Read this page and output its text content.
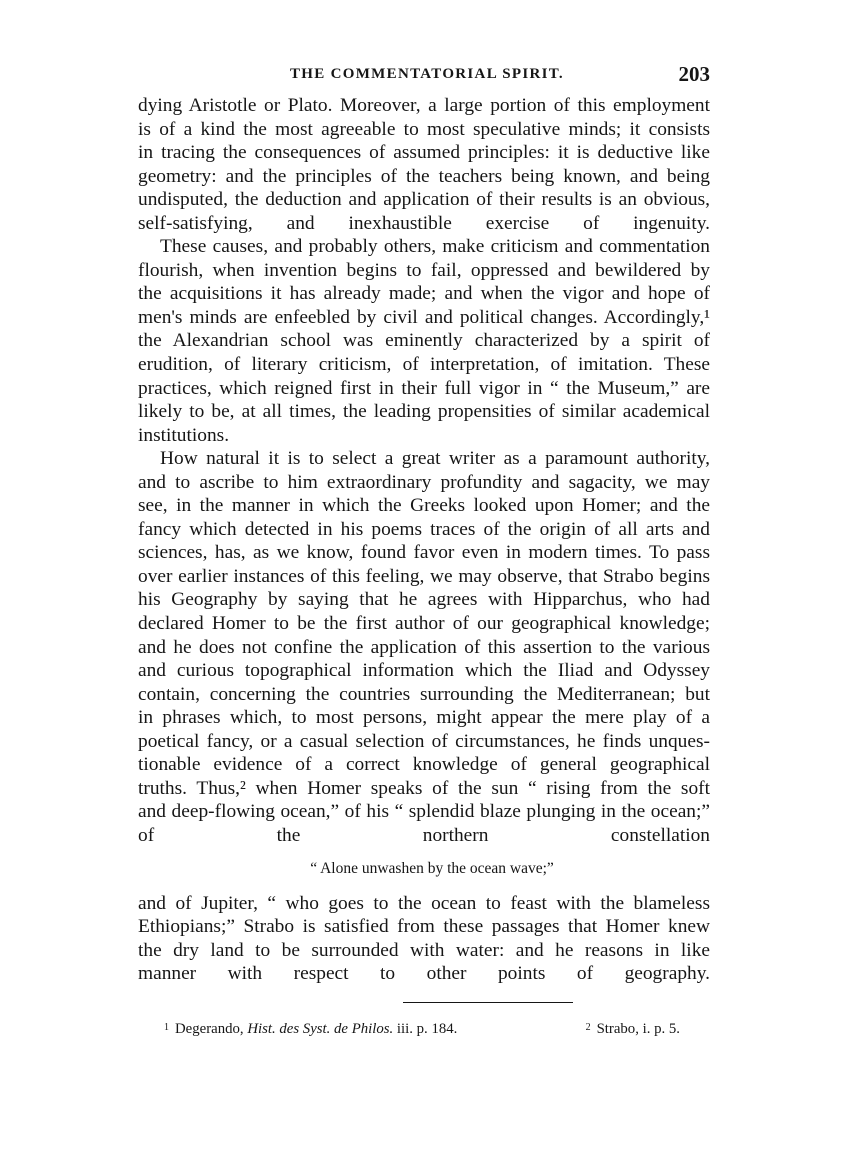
THE COMMENTATORIAL SPIRIT.	203

dying Aristotle or Plato. Moreover, a large portion of this employment
is of a kind the most agreeable to most speculative minds; it consists
in tracing the consequences of assumed principles: it is deductive like
geometry: and the principles of the teachers being known, and being
undisputed, the deduction and application of their results is an obvious,
self-satisfying, and inexhaustible exercise of ingenuity.

These causes, and probably others, make criticism and commentation
flourish, when invention begins to fail, oppressed and bewildered by
the acquisitions it has already made; and when the vigor and hope of
men's minds are enfeebled by civil and political changes. Accordingly,¹
the Alexandrian school was eminently characterized by a spirit of
erudition, of literary criticism, of interpretation, of imitation. These
practices, which reigned first in their full vigor in “ the Museum,” are
likely to be, at all times, the leading propensities of similar academical
institutions.

How natural it is to select a great writer as a paramount authority,
and to ascribe to him extraordinary profundity and sagacity, we may
see, in the manner in which the Greeks looked upon Homer; and the
fancy which detected in his poems traces of the origin of all arts and
sciences, has, as we know, found favor even in modern times. To pass
over earlier instances of this feeling, we may observe, that Strabo begins
his Geography by saying that he agrees with Hipparchus, who had
declared Homer to be the first author of our geographical knowledge;
and he does not confine the application of this assertion to the various
and curious topographical information which the Iliad and Odyssey
contain, concerning the countries surrounding the Mediterranean; but
in phrases which, to most persons, might appear the mere play of a
poetical fancy, or a casual selection of circumstances, he finds unques-
tionable evidence of a correct knowledge of general geographical
truths. Thus,² when Homer speaks of the sun “ rising from the soft
and deep-flowing ocean,” of his “ splendid blaze plunging in the ocean;”
of the northern constellation

“ Alone unwashen by the ocean wave;”

and of Jupiter, “ who goes to the ocean to feast with the blameless
Ethiopians;” Strabo is satisfied from these passages that Homer knew
the dry land to be surrounded with water: and he reasons in like
manner with respect to other points of geography.

$^1$ Degerando, Hist. des Syst. de Philos. iii. p. 184.	$^2$ Strabo, i. p. 5.
